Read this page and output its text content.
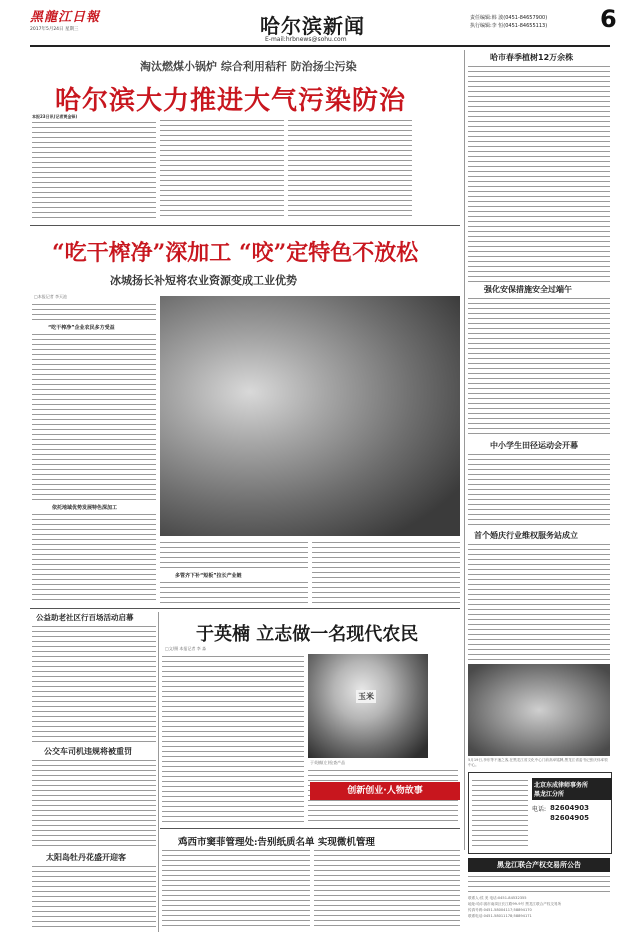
黑龍江日報
2017年5月24日 星期三	哈尔滨新闻
E-mail:hrbnews@sohu.com
责任编辑:韩 波(0451-84657900)
执行编辑:李 恒(0451-84655113) 6
淘汰燃煤小锅炉 综合利用秸秆 防治扬尘污染
哈尔滨大力推进大气污染防治
本报23日讯(记者贾金铎)
“吃干榨净”深加工 “咬”定特色不放松
冰城扬长补短将农业资源变成工业优势
□本报记者 李天池
“吃干榨净”企业农民多方受益
依托地域优势发展特色深加工
多管齐下补“短板”拉长产业链
哈市春季植树12万余株
强化安保措施安全过端午
中小学生田径运动会开幕
首个婚庆行业维权服务站成立
公益助老社区行百场活动启幕
公交车司机违规将被重罚
太阳岛牡丹花盛开迎客
于英楠 立志做一名现代农民
□文/摄 本报记者 李 淼
玉米
于英楠(左)检查产品
创新创业·人物故事
鸡西市窦菲管理处:告别纸质名单 实现微机管理
5月19日,李东等不速之客,在黑龙江省文化中心门前高举铭牌,黑龙江省委书记张庆伟率领中心。
北京东成律师事务所
黑龙江分所
电话: 82604903
82604905
黑龙江联合产权交易所公告
联系人:侯 美 电话:0451-84532355
地址:哈尔滨市南岗区长江路99-9号 黑龙江联合产权交易所
传真号码:0451-58004117;58894170
联系电话:0451-58011178;58894171
